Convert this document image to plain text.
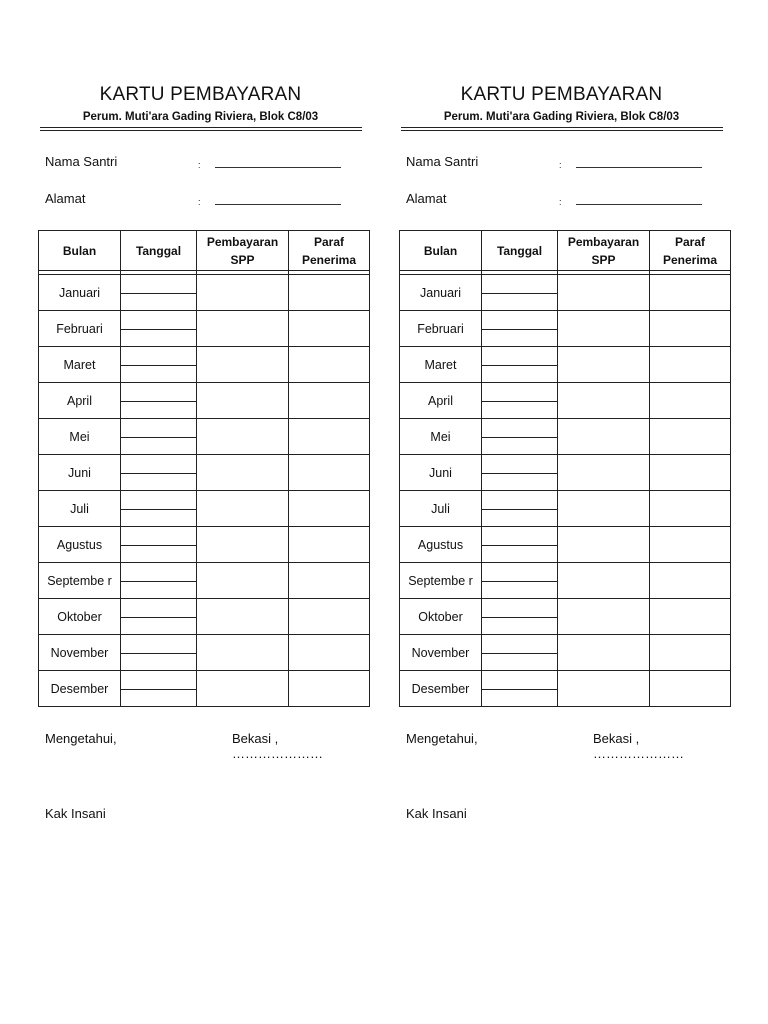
KARTU PEMBAYARAN
Perum. Muti'ara Gading Riviera, Blok C8/03
Nama Santri	:
Alamat	:
Bulan	Tanggal	Pembayaran SPP	Paraf Penerima

Januari	

Februari	

Maret	

April	

Mei	

Juni	

Juli	

Agustus	

Septembe r	

Oktober	

November	

Desember	

Mengetahui,	Bekasi , …………………
Kak Insani
KARTU PEMBAYARAN
Perum. Muti'ara Gading Riviera, Blok C8/03
Nama Santri	:
Alamat	:
Bulan	Tanggal	Pembayaran SPP	Paraf Penerima

Januari	

Februari	

Maret	

April	

Mei	

Juni	

Juli	

Agustus	

Septembe r	

Oktober	

November	

Desember	

Mengetahui,	Bekasi , …………………
Kak Insani
